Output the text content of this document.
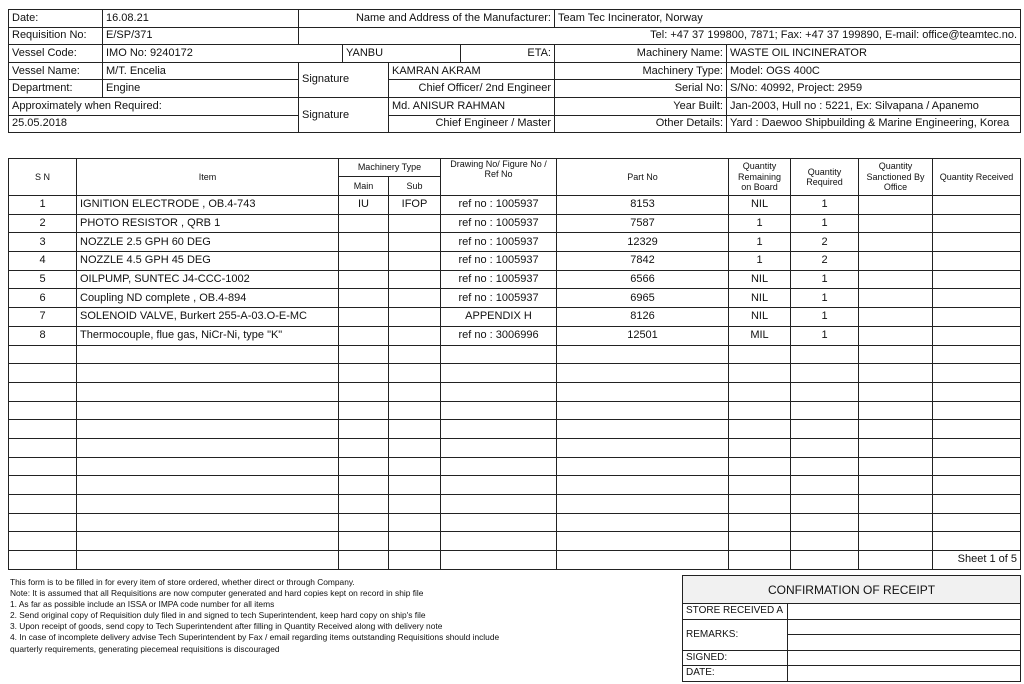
Date:	16.08.21	Name and Address of the Manufacturer:				Team Tec Incinerator, Norway	
Requisition No:	E/SP/371	Tel: +47 37 199800, 7871; Fax: +47 37 199890, E-mail: office@teamtec.no.					
Vessel Code:	IMO No: 9240172		YANBU		ETA:	Machinery Name:	WASTE OIL INCINERATOR
Vessel Name:	M/T. Encelia	Signature		KAMRAN AKRAM		Machinery Type:	Model: OGS 400C
Department:	Engine			Chief Officer/ 2nd Engineer		Serial No:	S/No: 40992, Project: 2959
Approximately when Required:		Signature		Md. ANISUR RAHMAN		Year Built:	Jan-2003, Hull no : 5221, Ex: Silvapana / Apanemo
25.05.2018				Chief Engineer / Master		Other Details:	Yard : Daewoo Shipbuilding & Marine Engineering, Korea
S N	Item	Machinery Type		Drawing No/ Figure No / Ref No	Part No	Quantity Remaining on Board	Quantity Required	Quantity Sanctioned By Office	Quantity Received
		Main	Sub						
1	IGNITION ELECTRODE , OB.4-743	IU	IFOP	ref no : 1005937	8153	NIL	1		
2	PHOTO RESISTOR , QRB 1			ref no : 1005937	7587	1	1		
3	NOZZLE 2.5 GPH 60 DEG			ref no : 1005937	12329	1	2		
4	NOZZLE 4.5 GPH 45 DEG			ref no : 1005937	7842	1	2		
5	OILPUMP, SUNTEC J4-CCC-1002			ref no : 1005937	6566	NIL	1		
6	Coupling ND complete , OB.4-894			ref no : 1005937	6965	NIL	1		
7	SOLENOID VALVE, Burkert 255-A-03.O-E-MC			APPENDIX H	8126	NIL	1		
8	Thermocouple, flue gas, NiCr-Ni, type "K"			ref no : 3006996	12501	MIL	1		

									Sheet 1 of 5
This form is to be filled in for every item of store ordered, whether direct or through Company.
Note: It is assumed that all Requisitions are now computer generated and hard copies kept on record in ship file
1. As far as possible include an ISSA or IMPA code number for all items
2. Send original copy of Requisition duly filed in and signed to tech Superintendent, keep hard copy on ship's file
3. Upon receipt of goods, send copy to Tech Superintendent after filling in Quantity Received along with delivery note
4. In case of incomplete delivery advise Tech Superintendent by Fax / email regarding items outstanding Requisitions should include
quarterly requirements, generating piecemeal requisitions is discouraged
CONFIRMATION OF RECEIPT	
STORE RECEIVED A	
REMARKS:	

SIGNED:	
DATE:	
